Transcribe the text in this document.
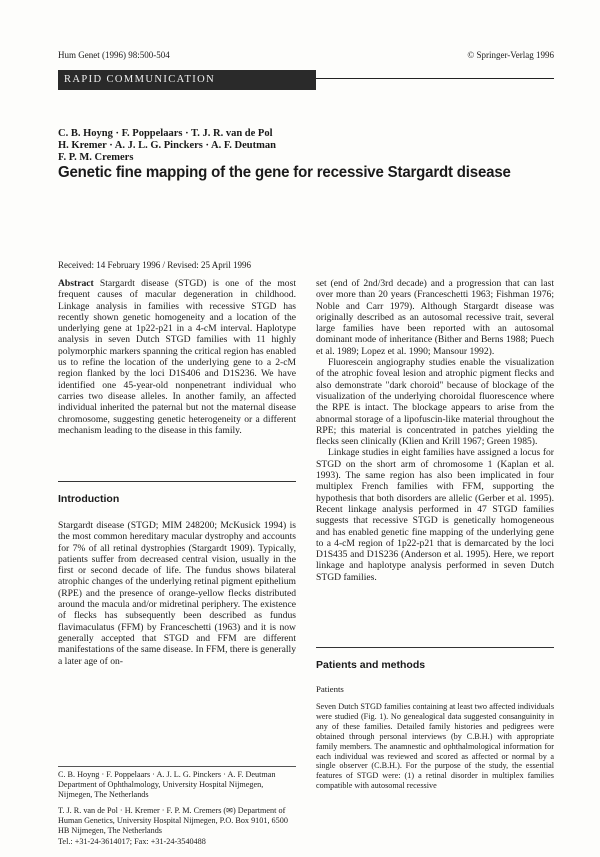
Hum Genet (1996) 98:500-504	© Springer-Verlag 1996
RAPID COMMUNICATION
C. B. Hoyng · F. Poppelaars · T. J. R. van de Pol
H. Kremer · A. J. L. G. Pinckers · A. F. Deutman
F. P. M. Cremers
Genetic fine mapping of the gene for recessive Stargardt disease
Received: 14 February 1996 / Revised: 25 April 1996

Abstract Stargardt disease (STGD) is one of the most frequent causes of macular degeneration in childhood. Linkage analysis in families with recessive STGD has recently shown genetic homogeneity and a location of the underlying gene at 1p22-p21 in a 4-cM interval. Haplotype analysis in seven Dutch STGD families with 11 highly polymorphic markers spanning the critical region has enabled us to refine the location of the underlying gene to a 2-cM region flanked by the loci D1S406 and D1S236. We have identified one 45-year-old nonpenetrant individual who carries two disease alleles. In another family, an affected individual inherited the paternal but not the maternal disease chromosome, suggesting genetic heterogeneity or a different mechanism leading to the disease in this family.

Introduction

Stargardt disease (STGD; MIM 248200; McKusick 1994) is the most common hereditary macular dystrophy and accounts for 7% of all retinal dystrophies (Stargardt 1909). Typically, patients suffer from decreased central vision, usually in the first or second decade of life. The fundus shows bilateral atrophic changes of the underlying retinal pigment epithelium (RPE) and the presence of orange-yellow flecks distributed around the macula and/or midretinal periphery. The existence of flecks has subsequently been described as fundus flavimaculatus (FFM) by Franceschetti (1963) and it is now generally accepted that STGD and FFM are different manifestations of the same disease. In FFM, there is generally a later age of on-

C. B. Hoyng · F. Poppelaars · A. J. L. G. Pinckers · A. F. Deutman Department of Ophthalmology, University Hospital Nijmegen, Nijmegen, The Netherlands
T. J. R. van de Pol · H. Kremer · F. P. M. Cremers (✉) Department of Human Genetics, University Hospital Nijmegen, P.O. Box 9101, 6500 HB Nijmegen, The Netherlands
Tel.: +31-24-3614017; Fax: +31-24-3540488

set (end of 2nd/3rd decade) and a progression that can last over more than 20 years (Franceschetti 1963; Fishman 1976; Noble and Carr 1979). Although Stargardt disease was originally described as an autosomal recessive trait, several large families have been reported with an autosomal dominant mode of inheritance (Bither and Berns 1988; Puech et al. 1989; Lopez et al. 1990; Mansour 1992).

Fluorescein angiography studies enable the visualization of the atrophic foveal lesion and atrophic pigment flecks and also demonstrate "dark choroid" because of blockage of the visualization of the underlying choroidal fluorescence where the RPE is intact. The blockage appears to arise from the abnormal storage of a lipofuscin-like material throughout the RPE; this material is concentrated in patches yielding the flecks seen clinically (Klien and Krill 1967; Green 1985).

Linkage studies in eight families have assigned a locus for STGD on the short arm of chromosome 1 (Kaplan et al. 1993). The same region has also been implicated in four multiplex French families with FFM, supporting the hypothesis that both disorders are allelic (Gerber et al. 1995). Recent linkage analysis performed in 47 STGD families suggests that recessive STGD is genetically homogeneous and has enabled genetic fine mapping of the underlying gene to a 4-cM region of 1p22-p21 that is demarcated by the loci D1S435 and D1S236 (Anderson et al. 1995). Here, we report linkage and haplotype analysis performed in seven Dutch STGD families.

Patients and methods
Patients

Seven Dutch STGD families containing at least two affected individuals were studied (Fig. 1). No genealogical data suggested consanguinity in any of these families. Detailed family histories and pedigrees were obtained through personal interviews (by C.B.H.) with appropriate family members. The anamnestic and ophthalmological information for each individual was reviewed and scored as affected or normal by a single observer (C.B.H.). For the purpose of the study, the essential features of STGD were: (1) a retinal disorder in multiplex families compatible with autosomal recessive
